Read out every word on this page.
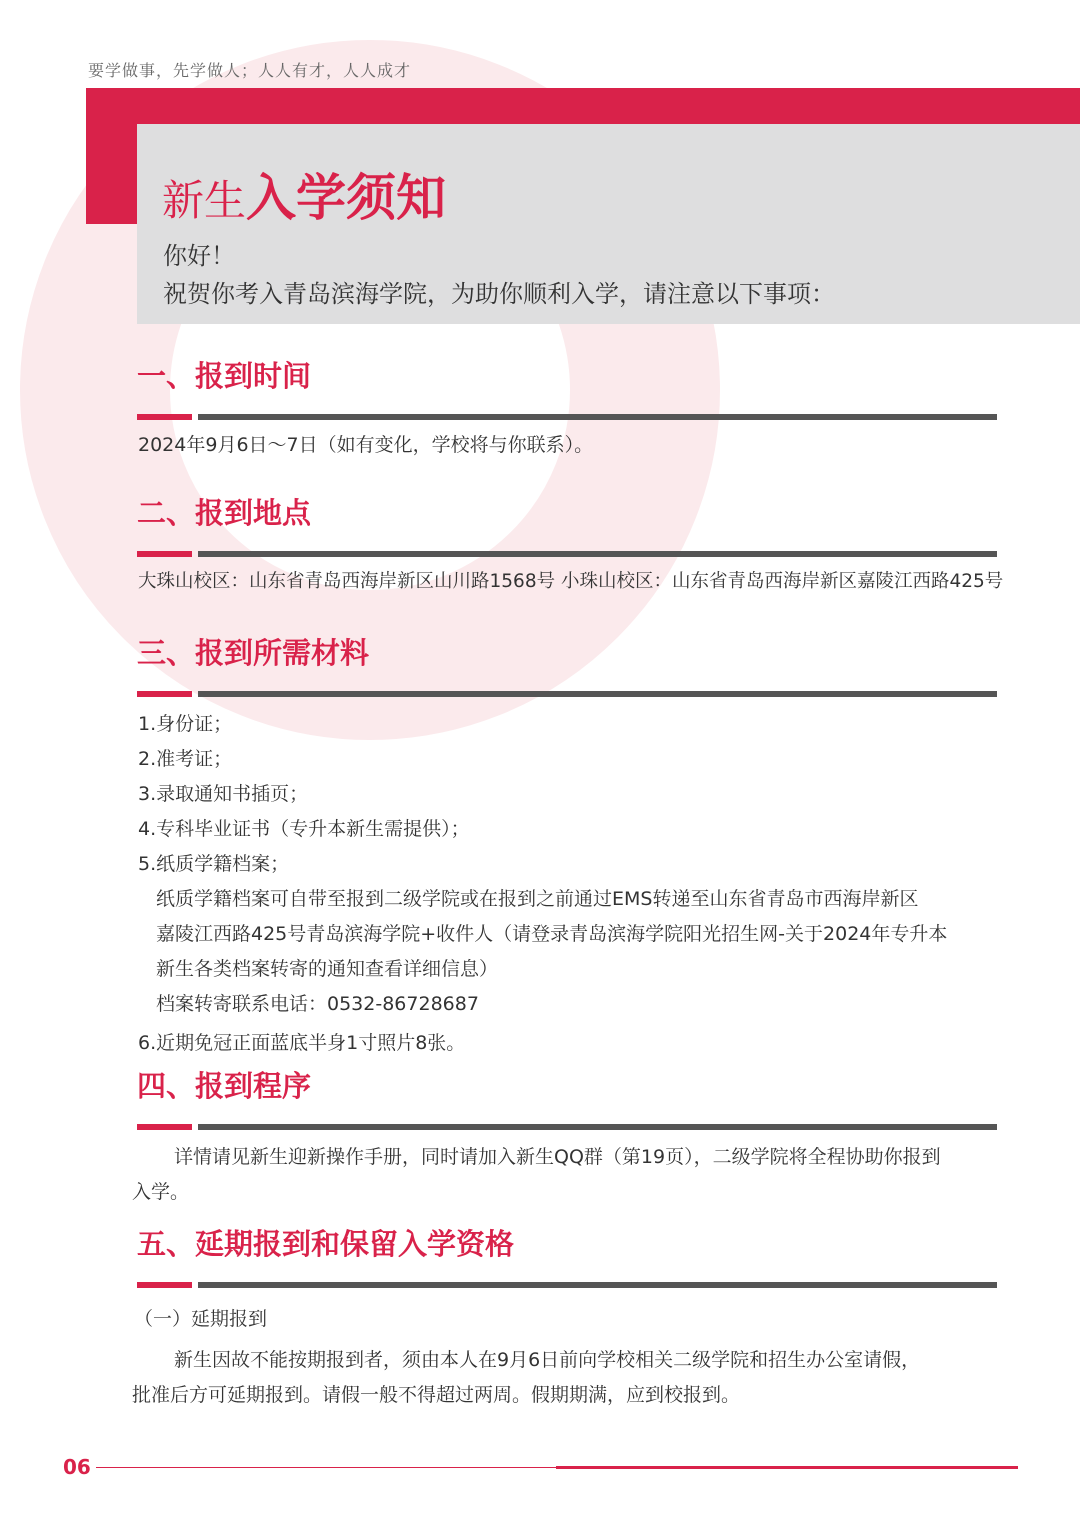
要学做事，先学做人；人人有才，人人成才
新生入学须知
你好！
祝贺你考入青岛滨海学院，为助你顺利入学，请注意以下事项：
一、报到时间
2024年9月6日～7日（如有变化，学校将与你联系）。
二、报到地点
大珠山校区：山东省青岛西海岸新区山川路1568号 小珠山校区：山东省青岛西海岸新区嘉陵江西路425号
三、报到所需材料
1.身份证；
2.准考证；
3.录取通知书插页；
4.专科毕业证书（专升本新生需提供）；
5.纸质学籍档案；
纸质学籍档案可自带至报到二级学院或在报到之前通过EMS转递至山东省青岛市西海岸新区
嘉陵江西路425号青岛滨海学院+收件人（请登录青岛滨海学院阳光招生网-关于2024年专升本
新生各类档案转寄的通知查看详细信息）
档案转寄联系电话：0532-86728687
6.近期免冠正面蓝底半身1寸照片8张。
四、报到程序
详情请见新生迎新操作手册，同时请加入新生QQ群（第19页），二级学院将全程协助你报到
入学。
五、延期报到和保留入学资格
（一）延期报到
新生因故不能按期报到者，须由本人在9月6日前向学校相关二级学院和招生办公室请假，
批准后方可延期报到。请假一般不得超过两周。假期期满，应到校报到。
06
